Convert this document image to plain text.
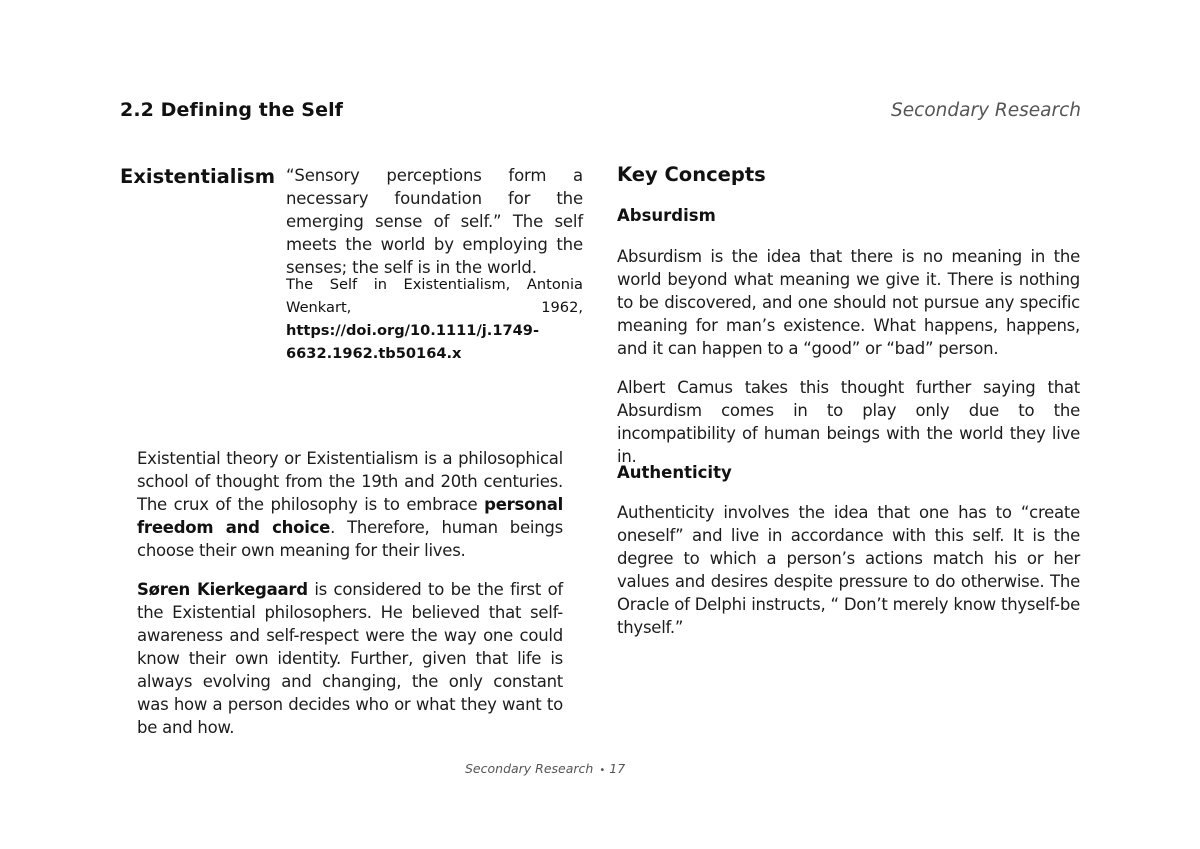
2.2 Defining the Self	Secondary Research
Existentialism “Sensory perceptions form a necessary foundation for the emerging sense of self.” The self meets the world by employing the senses; the self is in the world.
The Self in Existentialism, Antonia Wenkart, 1962, https://doi.org/10.1111/j.1749-6632.1962.tb50164.x
Existential theory or Existentialism is a philosophical school of thought from the 19th and 20th centuries. The crux of the philosophy is to embrace personal freedom and choice. Therefore, human beings choose their own meaning for their lives.
Søren Kierkegaard is considered to be the first of the Existential philosophers. He believed that self-awareness and self-respect were the way one could know their own identity. Further, given that life is always evolving and changing, the only constant was how a person decides who or what they want to be and how.
Key Concepts
Absurdism
Absurdism is the idea that there is no meaning in the world beyond what meaning we give it. There is nothing to be discovered, and one should not pursue any specific meaning for man’s existence. What happens, happens, and it can happen to a “good” or “bad” person.
Albert Camus takes this thought further saying that Absurdism comes in to play only due to the incompatibility of human beings with the world they live in.
Authenticity
Authenticity involves the idea that one has to “create oneself” and live in accordance with this self. It is the degree to which a person’s actions match his or her values and desires despite pressure to do otherwise. The Oracle of Delphi instructs, “ Don’t merely know thyself-be thyself.”
Secondary Research • 17
